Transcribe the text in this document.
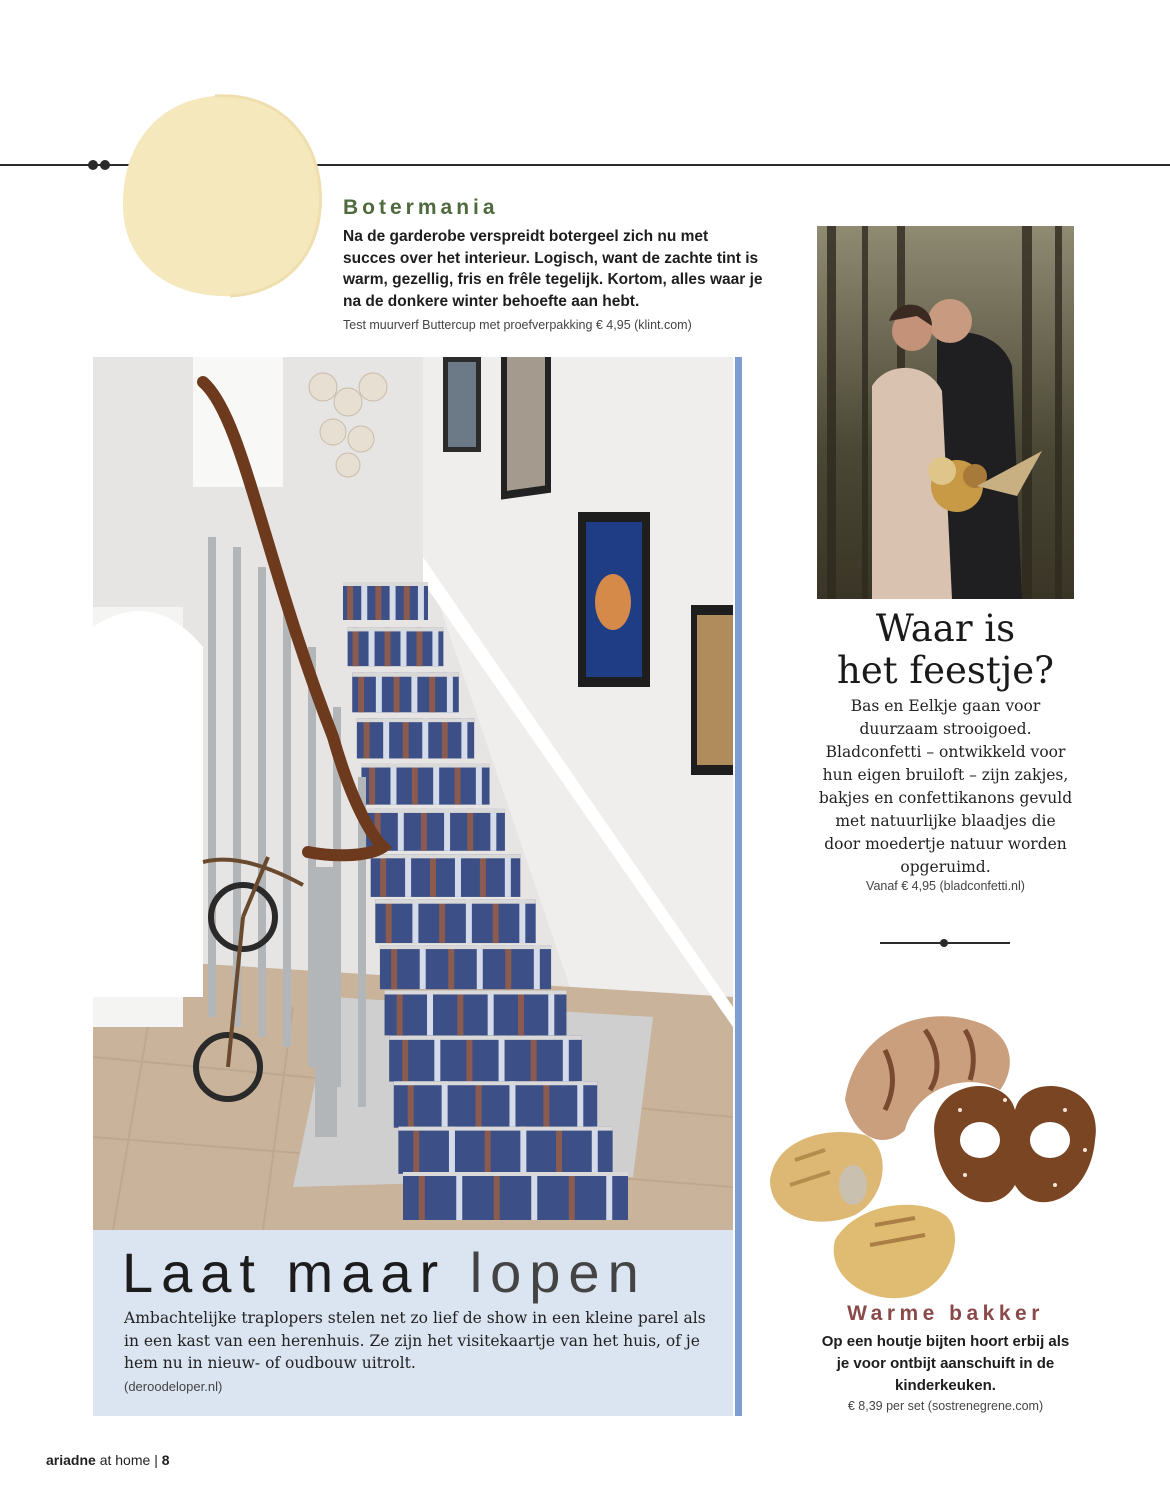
Botermania

Na de garderobe verspreidt botergeel zich nu met succes over het interieur. Logisch, want de zachte tint is warm, gezellig, fris en frêle tegelijk. Kortom, alles waar je na de donkere winter behoefte aan hebt.

Test muurverf Buttercup met proefverpakking € 4,95 (klint.com)

Laat maar lopen

Ambachtelijke traplopers stelen net zo lief de show in een kleine parel als in een kast van een herenhuis. Ze zijn het visitekaartje van het huis, of je hem nu in nieuw- of oudbouw uitrolt.

(deroodeloper.nl)

Waar is
het feestje?

Bas en Eelkje gaan voor duurzaam strooigoed. Bladconfetti – ontwikkeld voor hun eigen bruiloft – zijn zakjes, bakjes en confettikanons gevuld met natuurlijke blaadjes die door moedertje natuur worden opgeruimd.

Vanaf € 4,95 (bladconfetti.nl)

Warme bakker

Op een houtje bijten hoort erbij als je voor ontbijt aanschuift in de kinderkeuken.

€ 8,39 per set (sostrenegrene.com)

ariadne at home | 8
